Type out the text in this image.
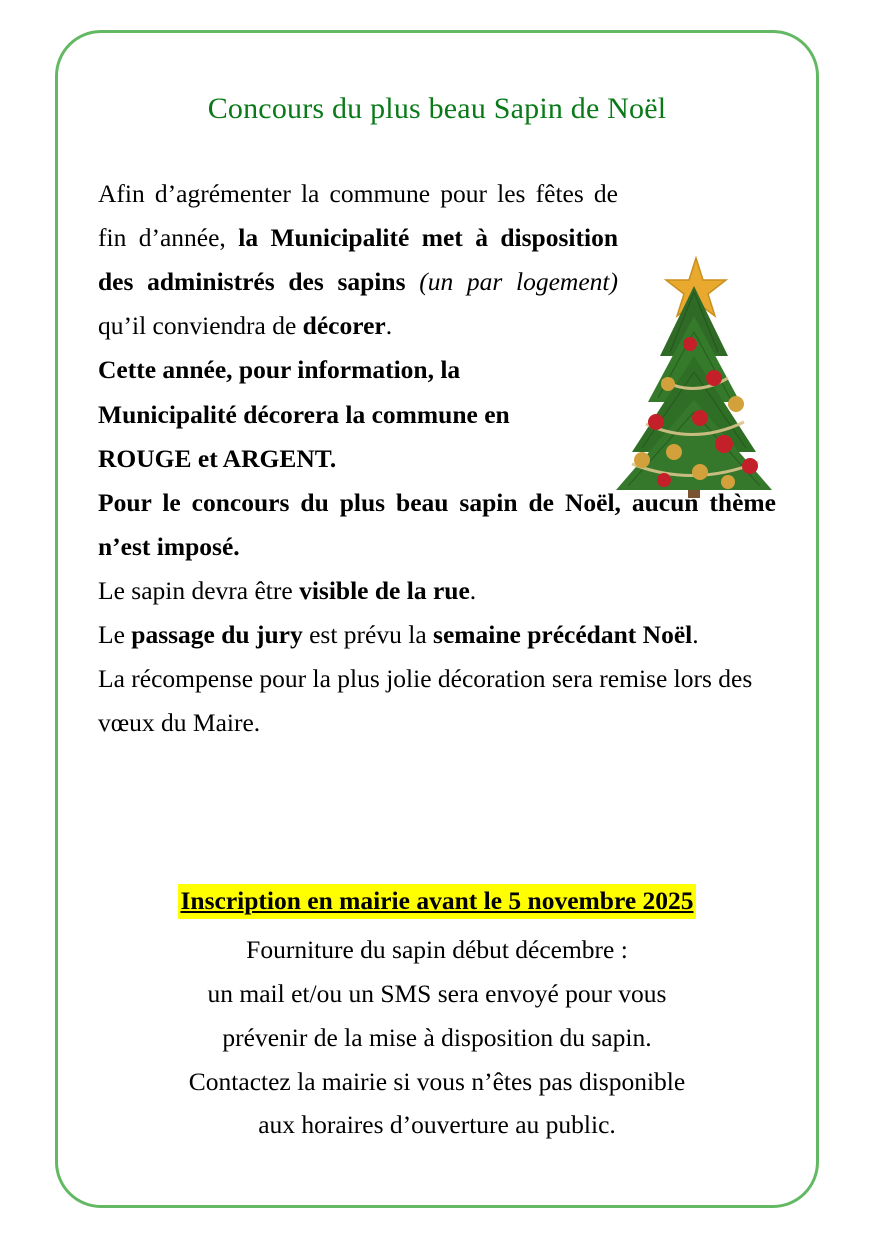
Concours du plus beau Sapin de Noël

Afin d’agrémenter la commune pour les fêtes de fin d’année, la Municipalité met à disposition des administrés des sapins (un par logement) qu’il conviendra de décorer.

Cette année, pour information, la Municipalité décorera la commune en ROUGE et ARGENT.

Pour le concours du plus beau sapin de Noël, aucun thème n’est imposé.

Le sapin devra être visible de la rue.

Le passage du jury est prévu la semaine précédant Noël.

La récompense pour la plus jolie décoration sera remise lors des vœux du Maire.

Inscription en mairie avant le 5 novembre 2025
Fourniture du sapin début décembre :
un mail et/ou un SMS sera envoyé pour vous
prévenir de la mise à disposition du sapin.
Contactez la mairie si vous n’êtes pas disponible
aux horaires d’ouverture au public.
